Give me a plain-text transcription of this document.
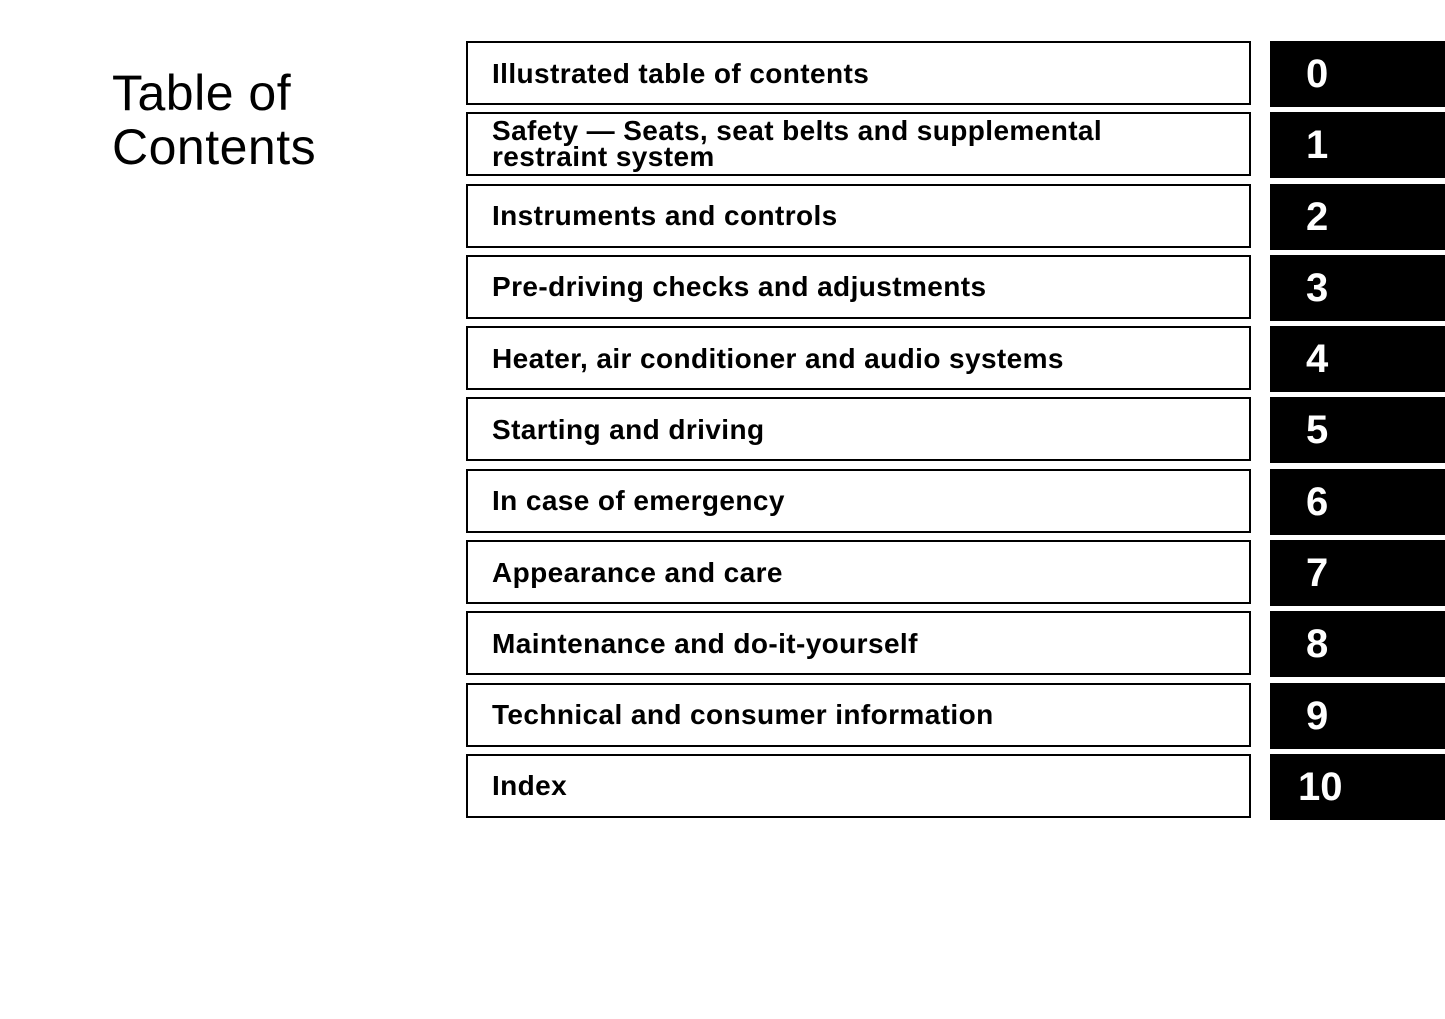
Table of
Contents
Illustrated table of contents	0
Safety — Seats, seat belts and supplemental
restraint system	1
Instruments and controls	2
Pre-driving checks and adjustments	3
Heater, air conditioner and audio systems	4
Starting and driving	5
In case of emergency	6
Appearance and care	7
Maintenance and do-it-yourself	8
Technical and consumer information	9
Index	10
